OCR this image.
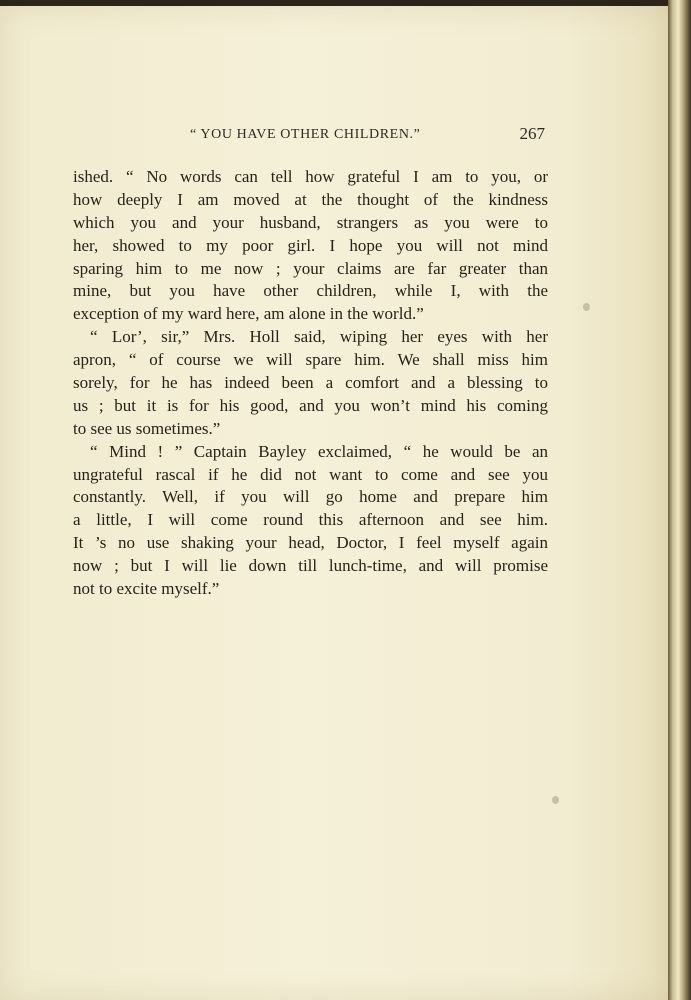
“ YOU HAVE OTHER CHILDREN.”	267
ished. “ No words can tell how grateful I am to you, or
how deeply I am moved at the thought of the kindness
which you and your husband, strangers as you were to
her, showed to my poor girl. I hope you will not mind
sparing him to me now ; your claims are far greater than
mine, but you have other children, while I, with the
exception of my ward here, am alone in the world.”
“ Lor’, sir,” Mrs. Holl said, wiping her eyes with her
apron, “ of course we will spare him. We shall miss him
sorely, for he has indeed been a comfort and a blessing to
us ; but it is for his good, and you won’t mind his coming
to see us sometimes.”
“ Mind ! ” Captain Bayley exclaimed, “ he would be an
ungrateful rascal if he did not want to come and see you
constantly. Well, if you will go home and prepare him
a little, I will come round this afternoon and see him.
It ’s no use shaking your head, Doctor, I feel myself again
now ; but I will lie down till lunch-time, and will promise
not to excite myself.”
